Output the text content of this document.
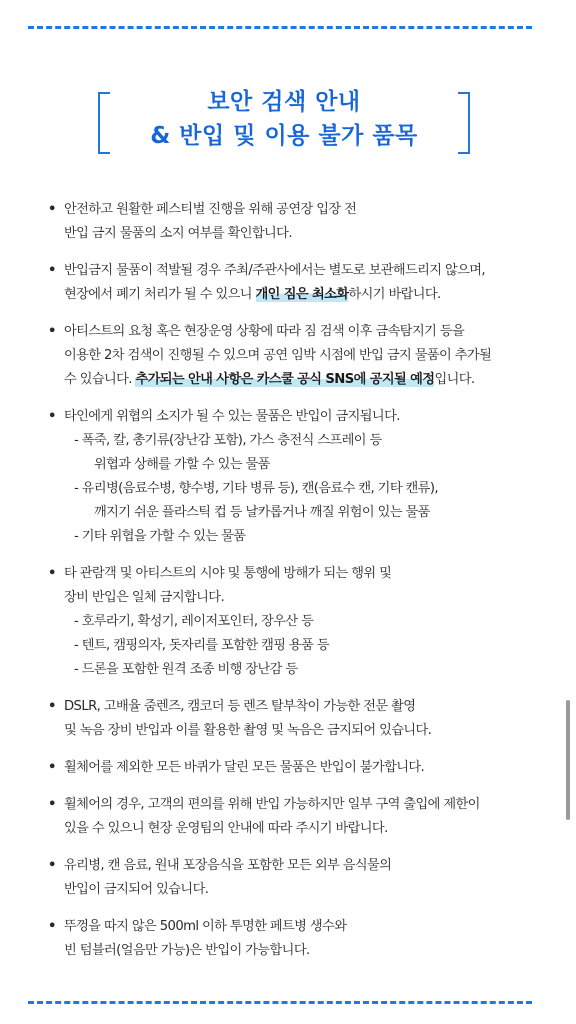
보안 검색 안내
& 반입 및 이용 불가 품목
• 안전하고 원활한 페스티벌 진행을 위해 공연장 입장 전
반입 금지 물품의 소지 여부를 확인합니다.
• 반입금지 물품이 적발될 경우 주최/주관사에서는 별도로 보관해드리지 않으며,
현장에서 폐기 처리가 될 수 있으니 개인 짐은 최소화하시기 바랍니다.
• 아티스트의 요청 혹은 현장운영 상황에 따라 짐 검색 이후 금속탐지기 등을
이용한 2차 검색이 진행될 수 있으며 공연 임박 시점에 반입 금지 물품이 추가될
수 있습니다. 추가되는 안내 사항은 카스쿨 공식 SNS에 공지될 예정입니다.
• 타인에게 위협의 소지가 될 수 있는 물품은 반입이 금지됩니다.
- 폭죽, 칼, 총기류(장난감 포함), 가스 충전식 스프레이 등
위협과 상해를 가할 수 있는 물품
- 유리병(음료수병, 향수병, 기타 병류 등), 캔(음료수 캔, 기타 캔류),
깨지기 쉬운 플라스틱 컵 등 날카롭거나 깨질 위험이 있는 물품
- 기타 위협을 가할 수 있는 물품
• 타 관람객 및 아티스트의 시야 및 통행에 방해가 되는 행위 및
장비 반입은 일체 금지합니다.
- 호루라기, 확성기, 레이저포인터, 장우산 등
- 텐트, 캠핑의자, 돗자리를 포함한 캠핑 용품 등
- 드론을 포함한 원격 조종 비행 장난감 등
• DSLR, 고배율 줌렌즈, 캠코더 등 렌즈 탈부착이 가능한 전문 촬영
및 녹음 장비 반입과 이를 활용한 촬영 및 녹음은 금지되어 있습니다.
• 휠체어를 제외한 모든 바퀴가 달린 모든 물품은 반입이 불가합니다.
• 휠체어의 경우, 고객의 편의를 위해 반입 가능하지만 일부 구역 출입에 제한이
있을 수 있으니 현장 운영팀의 안내에 따라 주시기 바랍니다.
• 유리병, 캔 음료, 원내 포장음식을 포함한 모든 외부 음식물의
반입이 금지되어 있습니다.
• 뚜껑을 따지 않은 500ml 이하 투명한 페트병 생수와
빈 텀블러(얼음만 가능)은 반입이 가능합니다.
